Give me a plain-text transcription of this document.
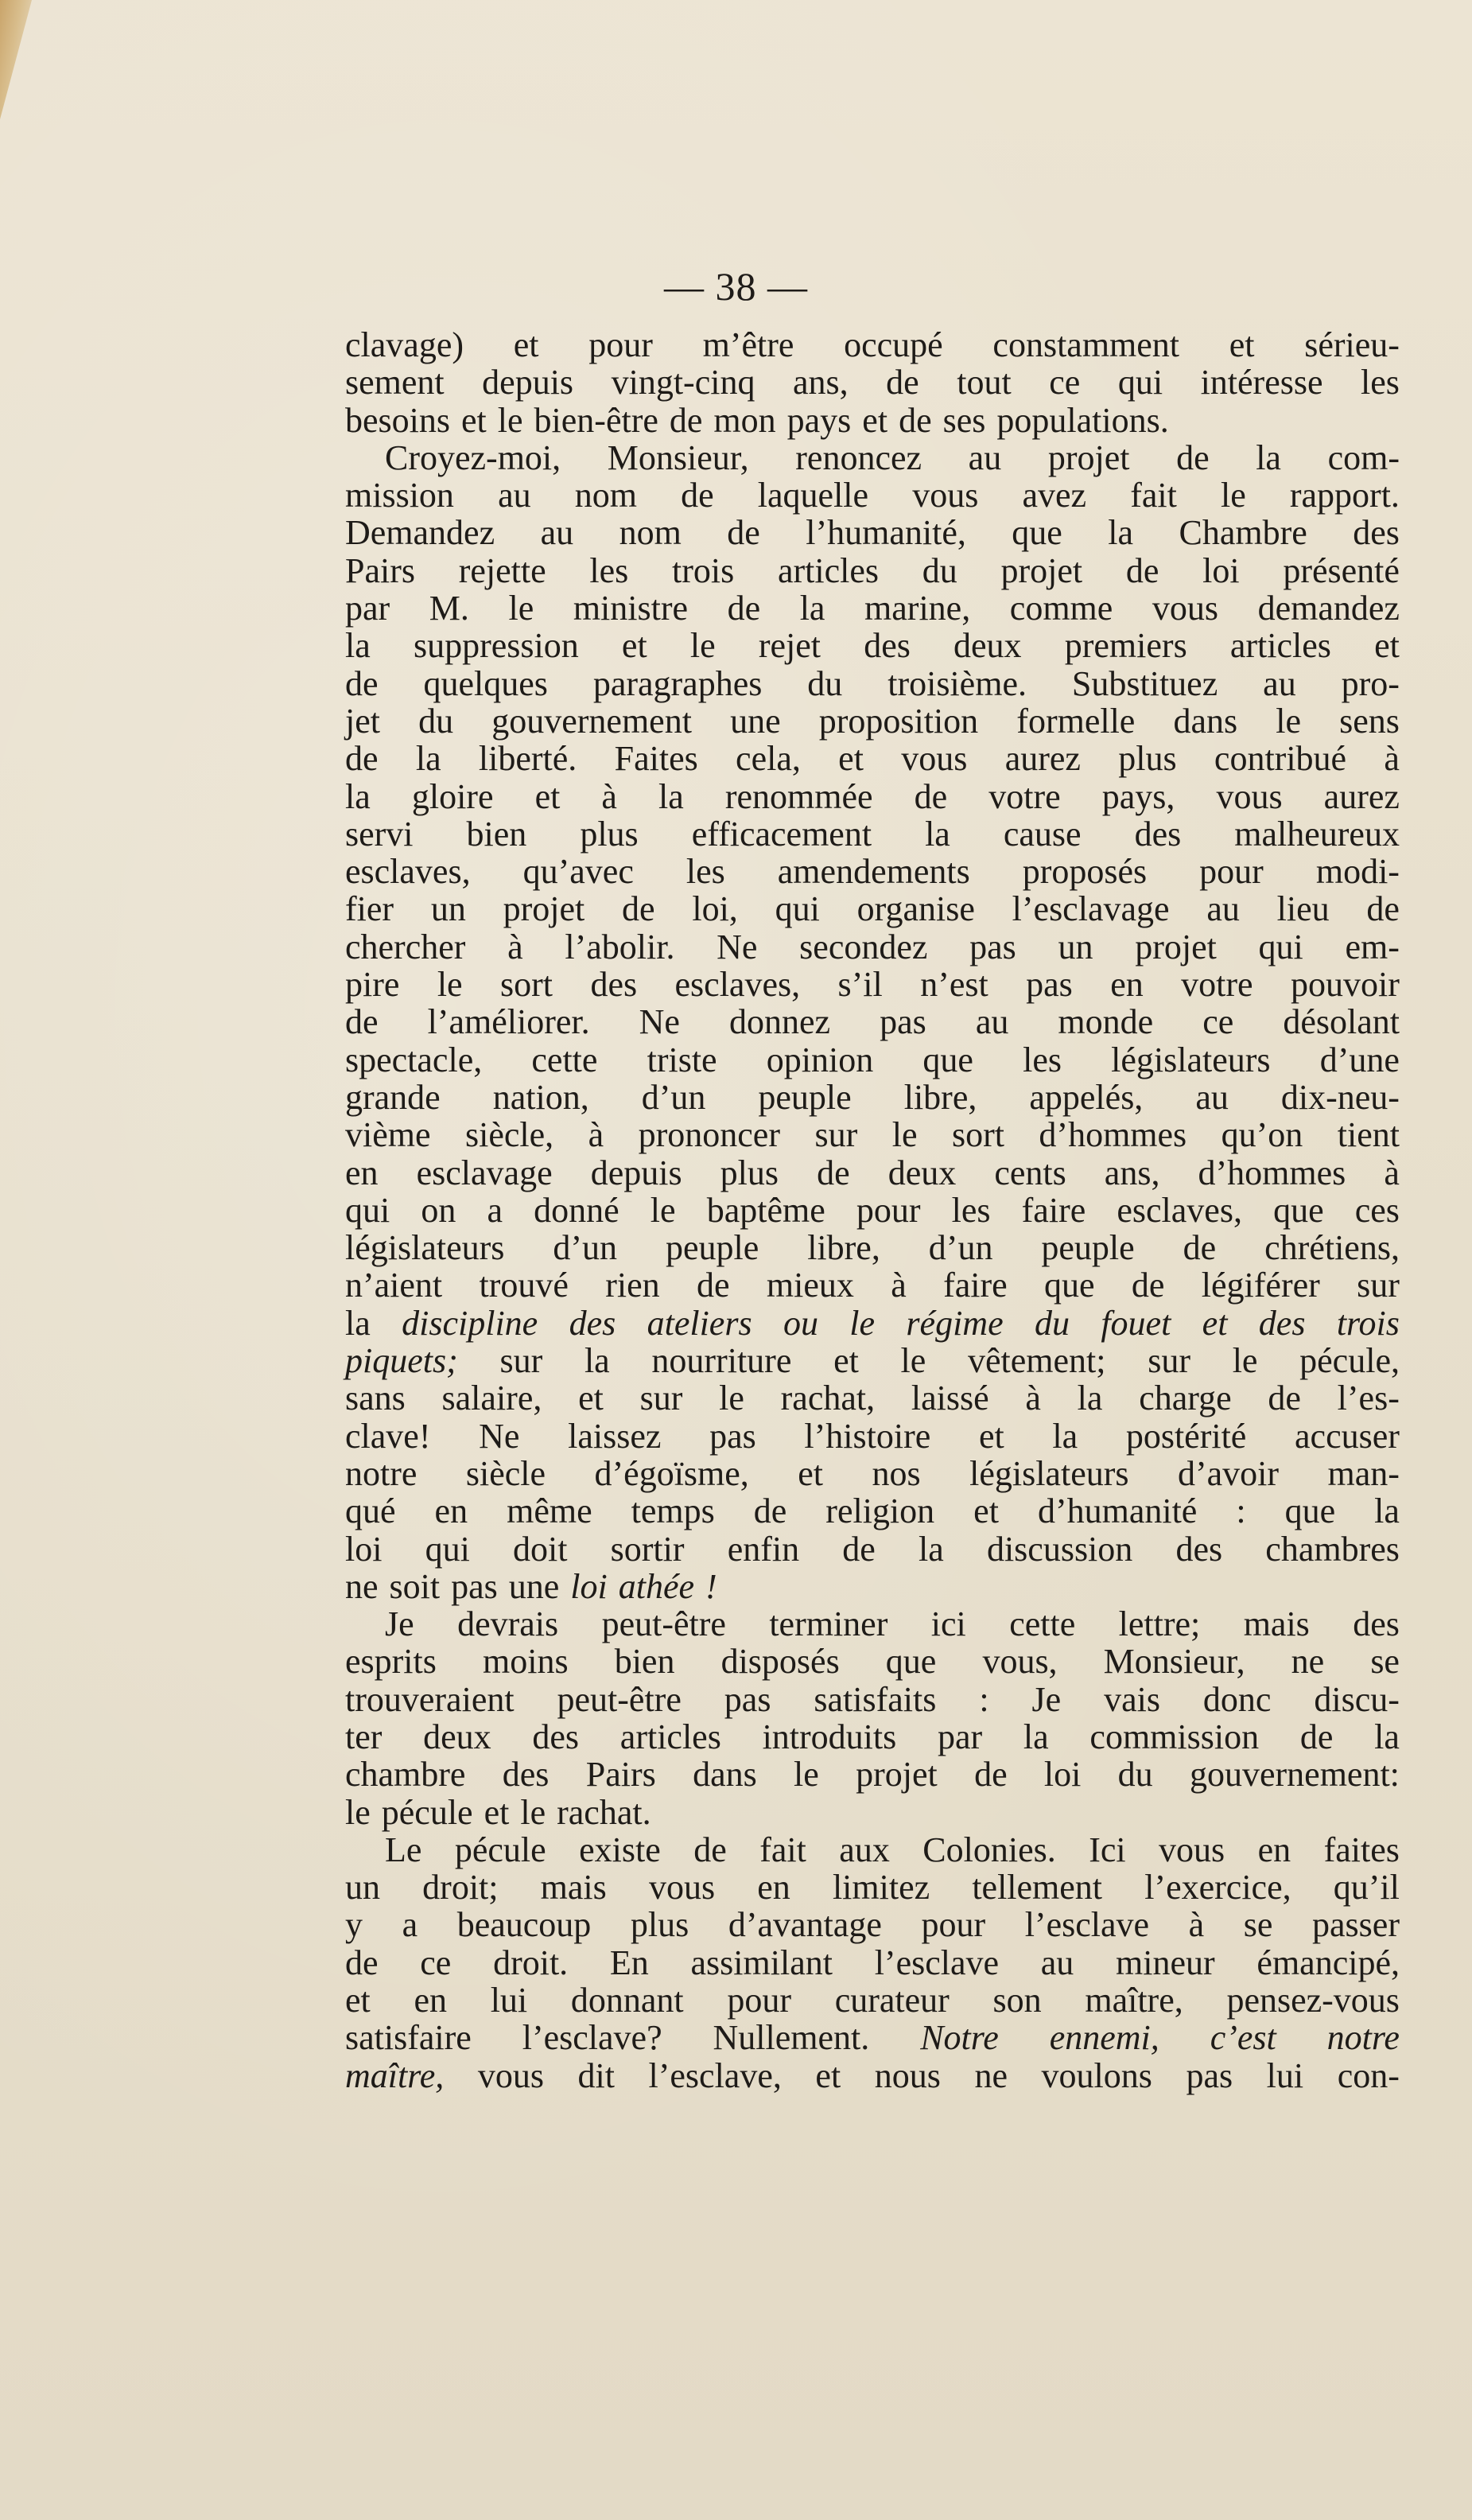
— 38 —
clavage) et pour m’être occupé constamment et sérieu-
sement depuis vingt-cinq ans, de tout ce qui intéresse les
besoins et le bien-être de mon pays et de ses populations.
Croyez-moi, Monsieur, renoncez au projet de la com-
mission au nom de laquelle vous avez fait le rapport.
Demandez au nom de l’humanité, que la Chambre des
Pairs rejette les trois articles du projet de loi présenté
par M. le ministre de la marine, comme vous demandez
la suppression et le rejet des deux premiers articles et
de quelques paragraphes du troisième. Substituez au pro-
jet du gouvernement une proposition formelle dans le sens
de la liberté. Faites cela, et vous aurez plus contribué à
la gloire et à la renommée de votre pays, vous aurez
servi bien plus efficacement la cause des malheureux
esclaves, qu’avec les amendements proposés pour modi-
fier un projet de loi, qui organise l’esclavage au lieu de
chercher à l’abolir. Ne secondez pas un projet qui em-
pire le sort des esclaves, s’il n’est pas en votre pouvoir
de l’améliorer. Ne donnez pas au monde ce désolant
spectacle, cette triste opinion que les législateurs d’une
grande nation, d’un peuple libre, appelés, au dix-neu-
vième siècle, à prononcer sur le sort d’hommes qu’on tient
en esclavage depuis plus de deux cents ans, d’hommes à
qui on a donné le baptême pour les faire esclaves, que ces
législateurs d’un peuple libre, d’un peuple de chrétiens,
n’aient trouvé rien de mieux à faire que de légiférer sur
la discipline des ateliers ou le régime du fouet et des trois
piquets; sur la nourriture et le vêtement; sur le pécule,
sans salaire, et sur le rachat, laissé à la charge de l’es-
clave! Ne laissez pas l’histoire et la postérité accuser
notre siècle d’égoïsme, et nos législateurs d’avoir man-
qué en même temps de religion et d’humanité : que la
loi qui doit sortir enfin de la discussion des chambres
ne soit pas une loi athée !
Je devrais peut-être terminer ici cette lettre; mais des
esprits moins bien disposés que vous, Monsieur, ne se
trouveraient peut-être pas satisfaits : Je vais donc discu-
ter deux des articles introduits par la commission de la
chambre des Pairs dans le projet de loi du gouvernement:
le pécule et le rachat.
Le pécule existe de fait aux Colonies. Ici vous en faites
un droit; mais vous en limitez tellement l’exercice, qu’il
y a beaucoup plus d’avantage pour l’esclave à se passer
de ce droit. En assimilant l’esclave au mineur émancipé,
et en lui donnant pour curateur son maître, pensez-vous
satisfaire l’esclave? Nullement. Notre ennemi, c’est notre
maître, vous dit l’esclave, et nous ne voulons pas lui con-
